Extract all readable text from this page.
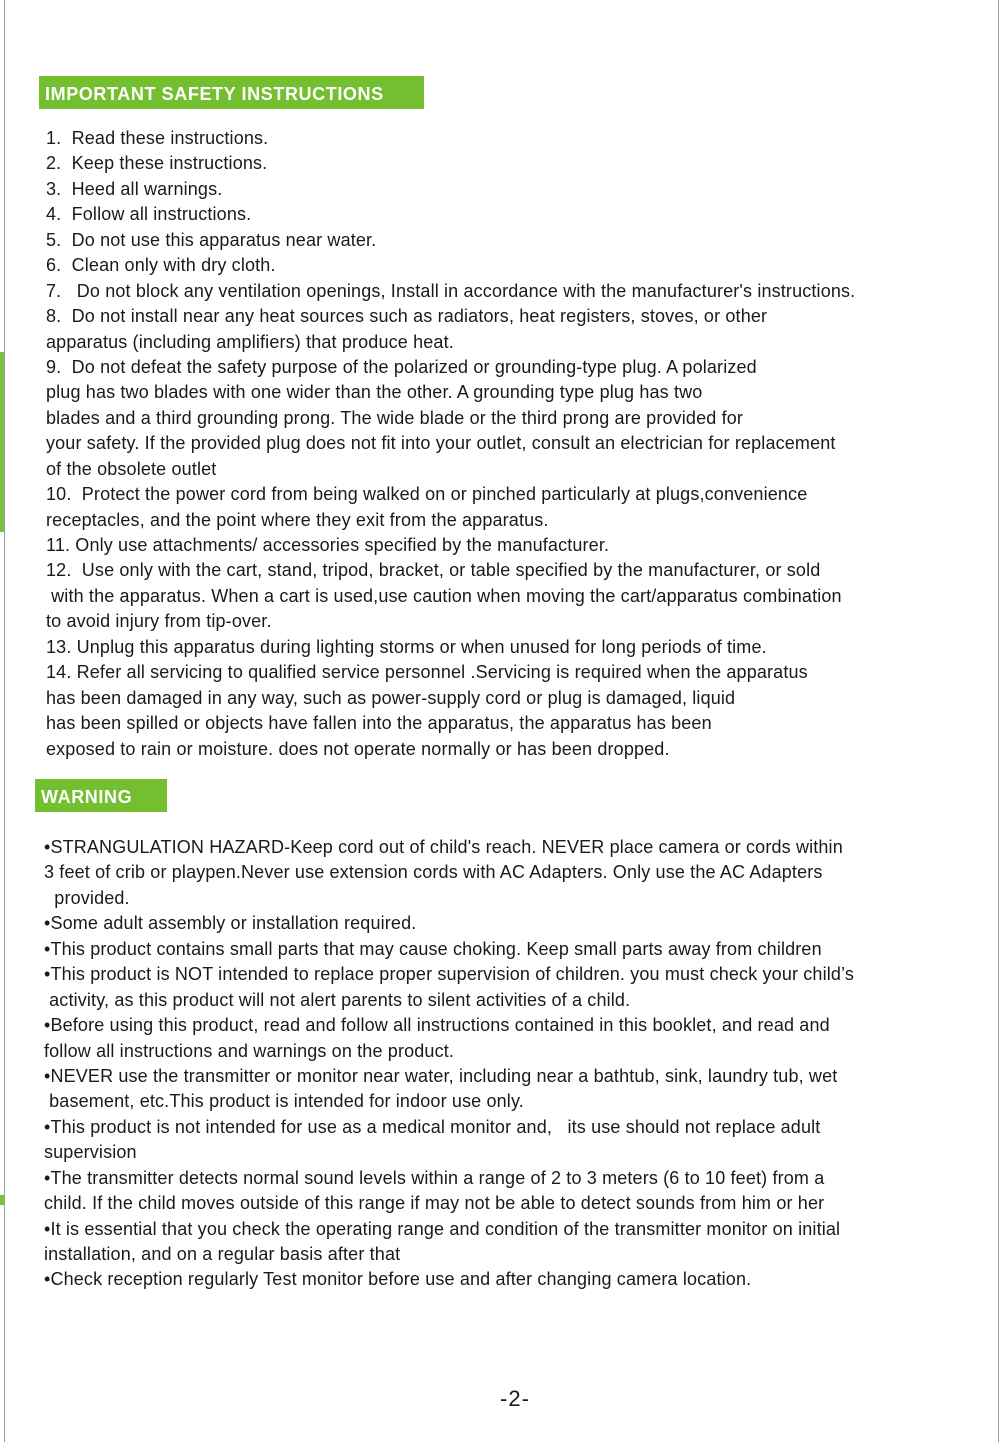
IMPORTANT SAFETY INSTRUCTIONS
1.  Read these instructions.
2.  Keep these instructions.
3.  Heed all warnings.
4.  Follow all instructions.
5.  Do not use this apparatus near water.
6.  Clean only with dry cloth.
7.   Do not block any ventilation openings, Install in accordance with the manufacturer's instructions.
8.  Do not install near any heat sources such as radiators, heat registers, stoves, or other
apparatus (including amplifiers) that produce heat.
9.  Do not defeat the safety purpose of the polarized or grounding-type plug. A polarized
plug has two blades with one wider than the other. A grounding type plug has two
blades and a third grounding prong. The wide blade or the third prong are provided for
your safety. If the provided plug does not fit into your outlet, consult an electrician for replacement
of the obsolete outlet
10.  Protect the power cord from being walked on or pinched particularly at plugs,convenience
receptacles, and the point where they exit from the apparatus.
11. Only use attachments/ accessories specified by the manufacturer.
12.  Use only with the cart, stand, tripod, bracket, or table specified by the manufacturer, or sold
with the apparatus. When a cart is used,use caution when moving the cart/apparatus combination
to avoid injury from tip-over.
13. Unplug this apparatus during lighting storms or when unused for long periods of time.
14. Refer all servicing to qualified service personnel .Servicing is required when the apparatus
has been damaged in any way, such as power-supply cord or plug is damaged, liquid
has been spilled or objects have fallen into the apparatus, the apparatus has been
exposed to rain or moisture. does not operate normally or has been dropped.
WARNING
•STRANGULATION HAZARD-Keep cord out of child's reach. NEVER place camera or cords within
3 feet of crib or playpen.Never use extension cords with AC Adapters. Only use the AC Adapters
provided.
•Some adult assembly or installation required.
•This product contains small parts that may cause choking. Keep small parts away from children
•This product is NOT intended to replace proper supervision of children. you must check your child’s
activity, as this product will not alert parents to silent activities of a child.
•Before using this product, read and follow all instructions contained in this booklet, and read and
follow all instructions and warnings on the product.
•NEVER use the transmitter or monitor near water, including near a bathtub, sink, laundry tub, wet
basement, etc.This product is intended for indoor use only.
•This product is not intended for use as a medical monitor and,   its use should not replace adult
supervision
•The transmitter detects normal sound levels within a range of 2 to 3 meters (6 to 10 feet) from a
child. If the child moves outside of this range if may not be able to detect sounds from him or her
•It is essential that you check the operating range and condition of the transmitter monitor on initial
installation, and on a regular basis after that
•Check reception regularly Test monitor before use and after changing camera location.
-2-
